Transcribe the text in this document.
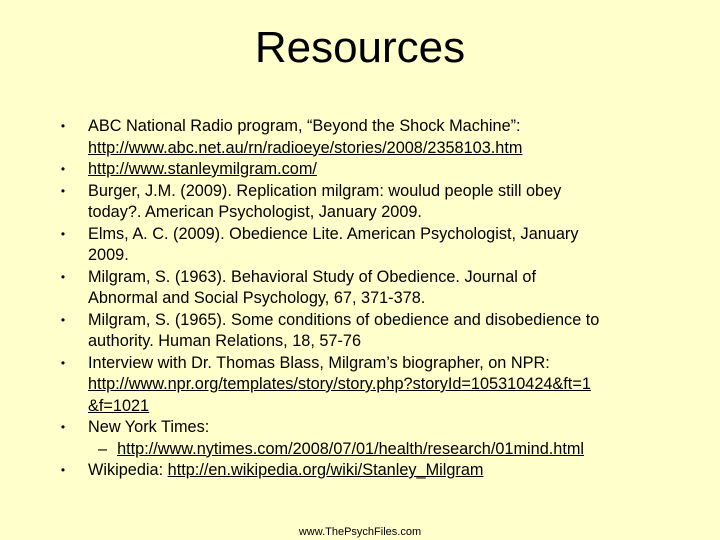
Resources
• ABC National Radio program, “Beyond the Shock Machine”:
http://www.abc.net.au/rn/radioeye/stories/2008/2358103.htm
• http://www.stanleymilgram.com/
• Burger, J.M. (2009). Replication milgram: woulud people still obey
today?. American Psychologist, January 2009.
• Elms, A. C. (2009). Obedience Lite. American Psychologist, January
2009.
• Milgram, S. (1963). Behavioral Study of Obedience. Journal of
Abnormal and Social Psychology, 67, 371-378.
• Milgram, S. (1965). Some conditions of obedience and disobedience to
authority. Human Relations, 18, 57-76
• Interview with Dr. Thomas Blass, Milgram’s biographer, on NPR:
http://www.npr.org/templates/story/story.php?storyId=105310424&ft=1
&f=1021
• New York Times:
– http://www.nytimes.com/2008/07/01/health/research/01mind.html
• Wikipedia: http://en.wikipedia.org/wiki/Stanley_Milgram
www.ThePsychFiles.com
